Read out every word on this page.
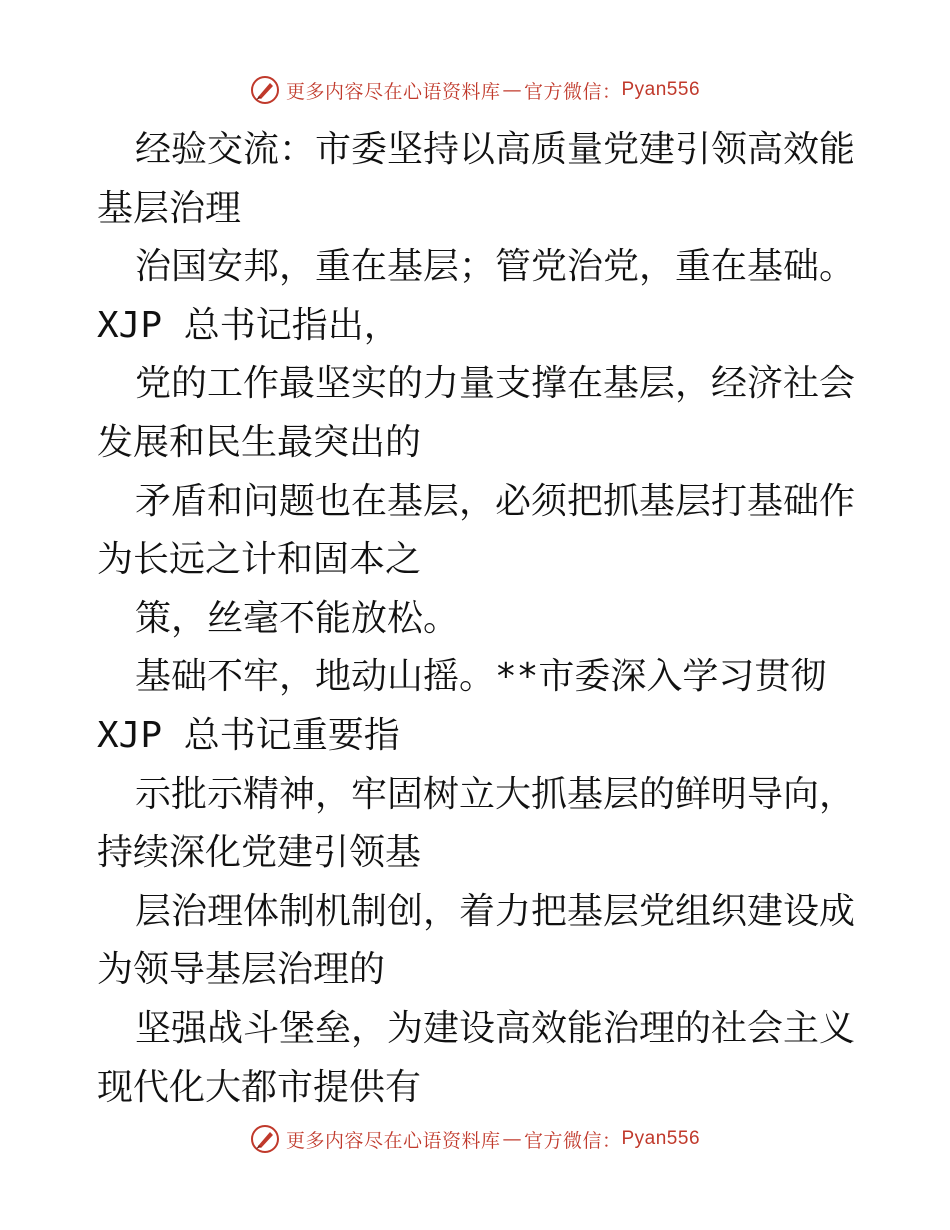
更多内容尽在心语资料库 — 官方微信： Pyan556

经验交流：市委坚持以高质量党建引领高效能基层治理

治国安邦，重在基层；管党治党，重在基础。XJP 总书记指出，

党的工作最坚实的力量支撑在基层，经济社会发展和民生最突出的

矛盾和问题也在基层，必须把抓基层打基础作为长远之计和固本之

策，丝毫不能放松。

基础不牢，地动山摇。**市委深入学习贯彻 XJP 总书记重要指

示批示精神，牢固树立大抓基层的鲜明导向，持续深化党建引领基

层治理体制机制创，着力把基层党组织建设成为领导基层治理的

坚强战斗堡垒，为建设高效能治理的社会主义现代化大都市提供有

更多内容尽在心语资料库 — 官方微信： Pyan556
